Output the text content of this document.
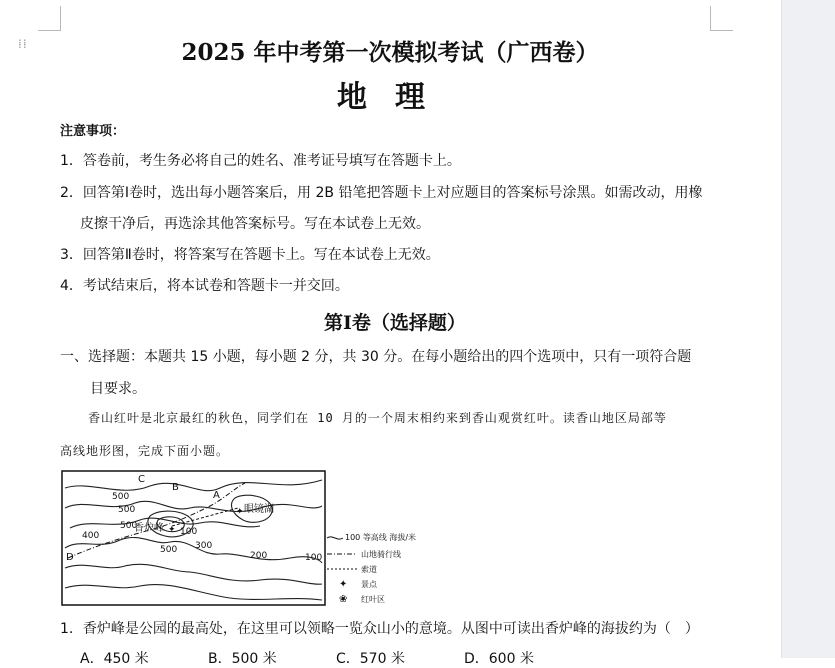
⁞⁞	2025 年中考第一次模拟考试（广西卷）
地理
注意事项：
1．答卷前，考生务必将自己的姓名、准考证号填写在答题卡上。
2．回答第Ⅰ卷时，选出每小题答案后，用 2B 铅笔把答题卡上对应题目的答案标号涂黑。如需改动，用橡
皮擦干净后，再选涂其他答案标号。写在本试卷上无效。
3．回答第Ⅱ卷时，将答案写在答题卡上。写在本试卷上无效。
4．考试结束后，将本试卷和答题卡一并交回。
第Ⅰ卷（选择题）
一、选择题：本题共 15 小题，每小题 2 分，共 30 分。在每小题给出的四个选项中，只有一项符合题
目要求。
香山红叶是北京最红的秋色，同学们在 10 月的一个周末相约来到香山观赏红叶。读香山地区局部等
高线地形图，完成下面小题。
500
500
400
500
500 300
200	100
100
香炉峰
眼镜湖
A
B
C
D
✦
✦
100 等高线 海拔/米
山地骑行线
索道
✦ 景点
❀ 红叶区
1．香炉峰是公园的最高处，在这里可以领略一览众山小的意境。从图中可读出香炉峰的海拔约为（　）
A．450 米	B．500 米	C．570 米	D．600 米
